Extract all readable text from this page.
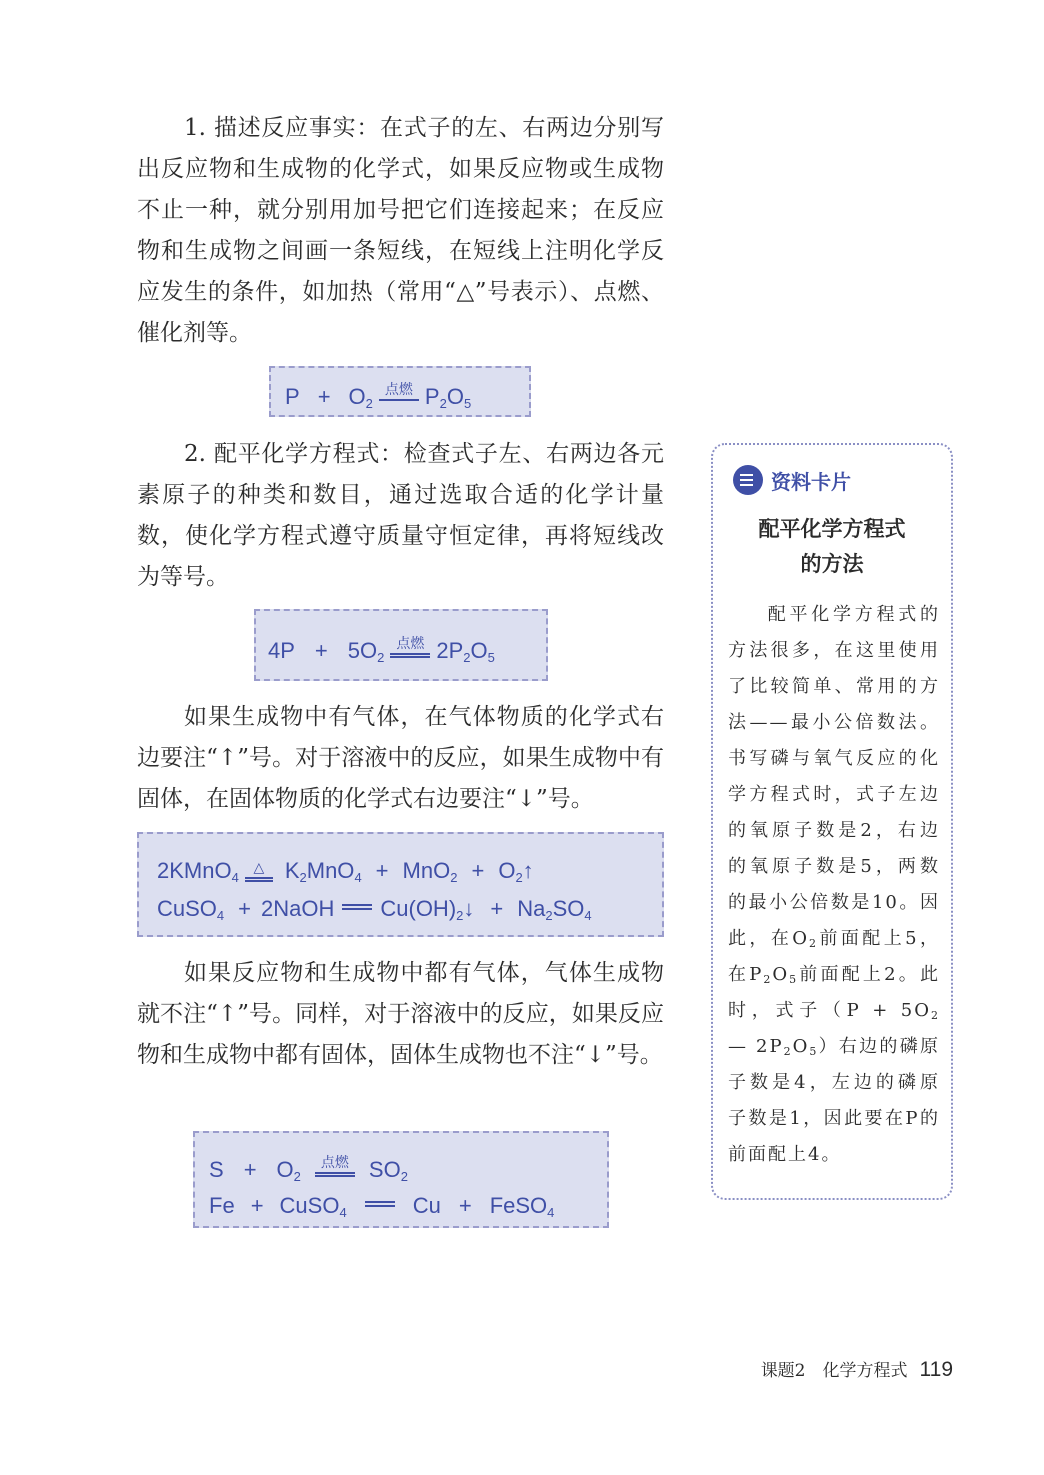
1. 描述反应事实：在式子的左、右两边分别写出反应物和生成物的化学式，如果反应物或生成物不止一种，就分别用加号把它们连接起来；在反应物和生成物之间画一条短线，在短线上注明化学反应发生的条件，如加热（常用“△”号表示）、点燃、催化剂等。

$P + O_2$
点燃 $P_2O_5$

2. 配平化学方程式：检查式子左、右两边各元素原子的种类和数目，通过选取合适的化学计量数，使化学方程式遵守质量守恒定律，再将短线改为等号。

$4P + 5O_2$
点燃 $2P_2O_5$

如果生成物中有气体，在气体物质的化学式右边要注“↑”号。对于溶液中的反应，如果生成物中有固体，在固体物质的化学式右边要注“↓”号。

2KMnO$_4$
△ $K_2MnO_4 + MnO_2$ + $O_2↑$
CuSO$_4$ + 2NaOH $Cu(OH)_2↓ + Na_2SO_4$

如果反应物和生成物中都有气体，气体生成物就不注“↑”号。同样，对于溶液中的反应，如果反应物和生成物中都有固体，固体生成物也不注“↓”号。

$S + O_2$
点燃 $SO_2$
Fe + CuSO$_4$	Cu + FeSO$_4$
资料卡片
配平化学方程式
的方法

配平化学方程式的方法很多，在这里使用了比较简单、常用的方法——最小公倍数法。书写磷与氧气反应的化学方程式时，式子左边的氧原子数是2，右边的氧原子数是5，两数的最小公倍数是10。因此，在$O_2$前面配上5，在$P_2O_5$前面配上2。此时，式子（$P + 5O_2$ — $2P_2O_5$）右边的磷原子数是4，左边的磷原子数是1，因此要在P的前面配上4。

课题2　化学方程式 119
